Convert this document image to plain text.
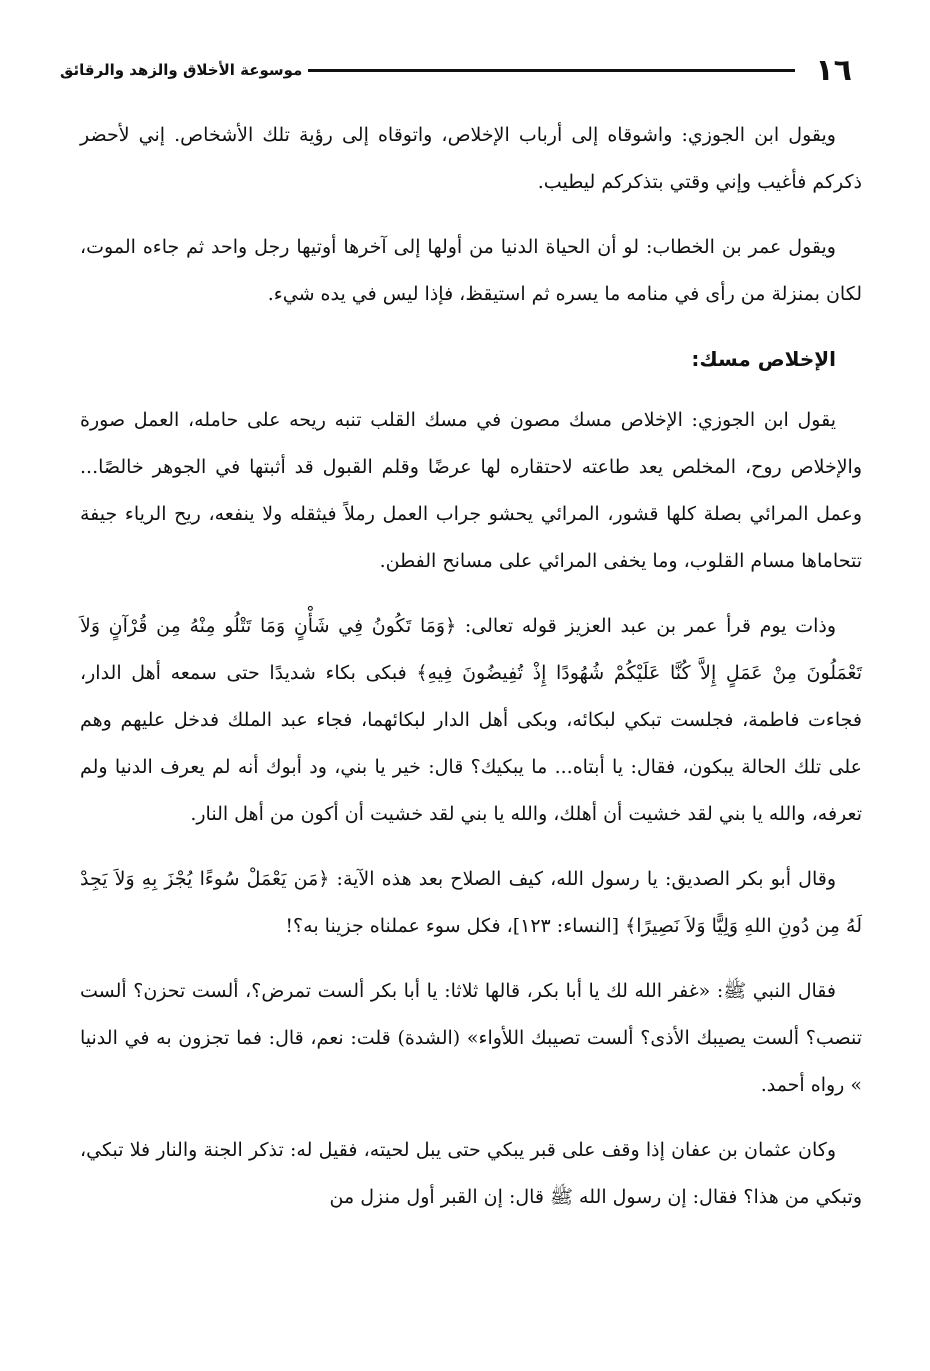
١٦
موسوعة الأخلاق والزهد والرقائق

ويقول ابن الجوزي: واشوقاه إلى أرباب الإخلاص، واتوقاه إلى رؤية تلك الأشخاص. إني لأحضر ذكركم فأغيب وإني وقتي بتذكركم ليطيب.

ويقول عمر بن الخطاب: لو أن الحياة الدنيا من أولها إلى آخرها أوتيها رجل واحد ثم جاءه الموت، لكان بمنزلة من رأى في منامه ما يسره ثم استيقظ، فإذا ليس في يده شيء.

الإخلاص مسك:

يقول ابن الجوزي: الإخلاص مسك مصون في مسك القلب تنبه ريحه على حامله، العمل صورة والإخلاص روح، المخلص يعد طاعته لاحتقاره لها عرضًا وقلم القبول قد أثبتها في الجوهر خالصًا... وعمل المرائي بصلة كلها قشور، المرائي يحشو جراب العمل رملاً فيثقله ولا ينفعه، ريح الرياء جيفة تتحاماها مسام القلوب، وما يخفى المرائي على مسانح الفطن.

وذات يوم قرأ عمر بن عبد العزيز قوله تعالى: ﴿وَمَا تَكُونُ فِي شَأْنٍ وَمَا تَتْلُو مِنْهُ مِن قُرْآنٍ وَلاَ تَعْمَلُونَ مِنْ عَمَلٍ إِلاَّ كُنَّا عَلَيْكُمْ شُهُودًا إِذْ تُفِيضُونَ فِيهِ﴾ فبكى بكاء شديدًا حتى سمعه أهل الدار، فجاءت فاطمة، فجلست تبكي لبكائه، وبكى أهل الدار لبكائهما، فجاء عبد الملك فدخل عليهم وهم على تلك الحالة يبكون، فقال: يا أبتاه... ما يبكيك؟ قال: خير يا بني، ود أبوك أنه لم يعرف الدنيا ولم تعرفه، والله يا بني لقد خشيت أن أهلك، والله يا بني لقد خشيت أن أكون من أهل النار.

وقال أبو بكر الصديق: يا رسول الله، كيف الصلاح بعد هذه الآية: ﴿مَن يَعْمَلْ سُوءًا يُجْزَ بِهِ وَلاَ يَجِدْ لَهُ مِن دُونِ اللهِ وَلِيًّا وَلاَ نَصِيرًا﴾ [النساء: ١٢٣]، فكل سوء عملناه جزينا به؟!

فقال النبي ﷺ: «غفر الله لك يا أبا بكر، قالها ثلاثا: يا أبا بكر ألست تمرض؟، ألست تحزن؟ ألست تنصب؟ ألست يصيبك الأذى؟ ألست تصيبك اللأواء» (الشدة) قلت: نعم، قال: فما تجزون به في الدنيا » رواه أحمد.

وكان عثمان بن عفان إذا وقف على قبر يبكي حتى يبل لحيته، فقيل له: تذكر الجنة والنار فلا تبكي، وتبكي من هذا؟ فقال: إن رسول الله ﷺ قال: إن القبر أول منزل من
